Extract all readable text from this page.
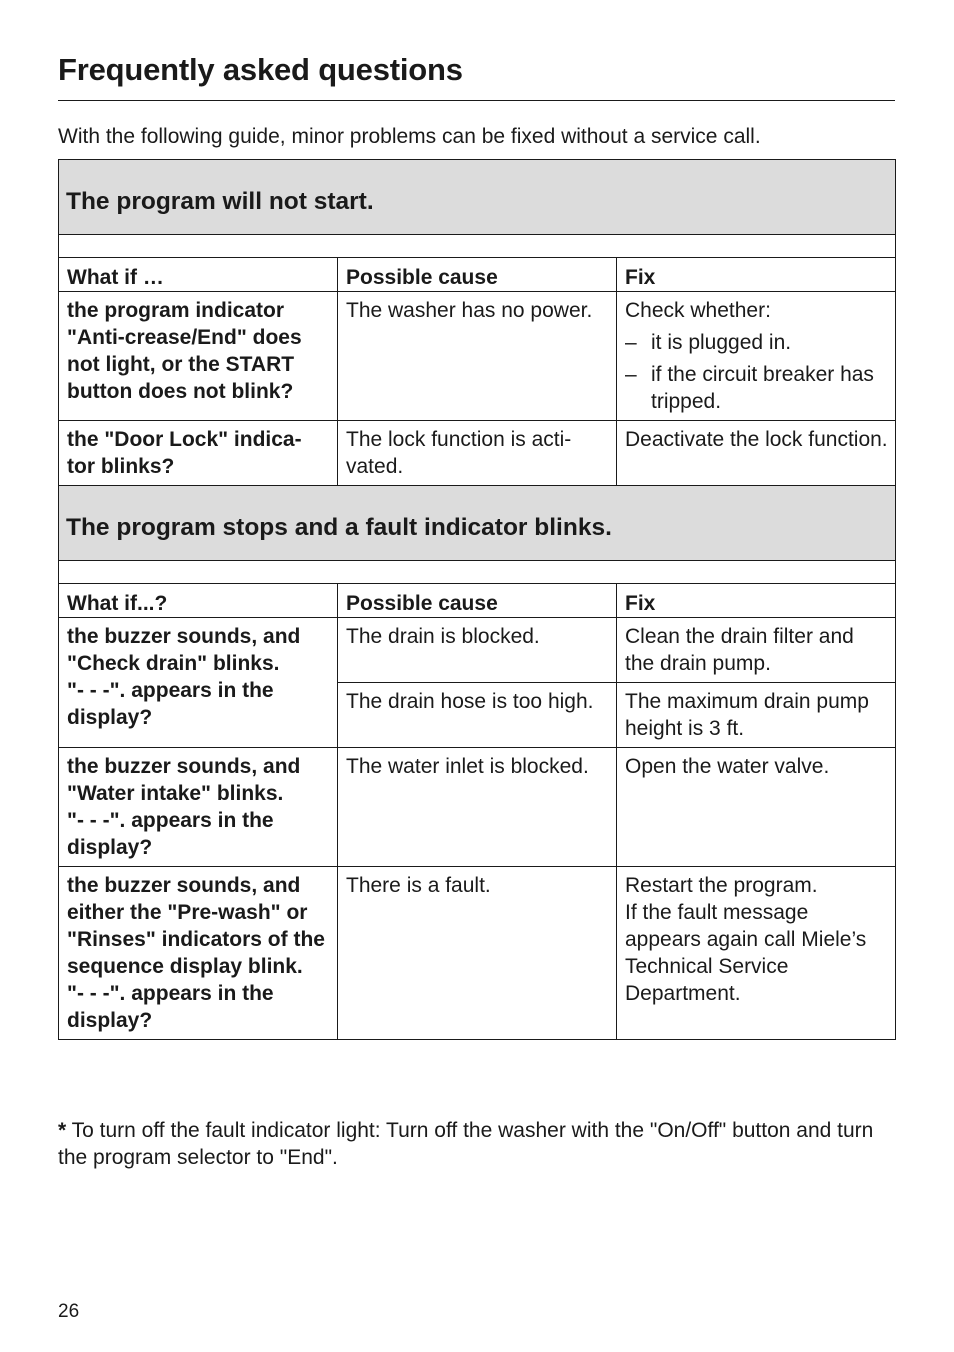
Frequently asked questions

With the following guide, minor problems can be fixed without a service call.

The program will not start.		

What if …	Possible cause	Fix
the program indicator "Anti-crease/End" does not light, or the START button does not blink?	The washer has no power.	Check whether:
– it is plugged in.
– if the circuit breaker has tripped.

the "Door Lock" indica- tor blinks?	The lock function is acti- vated.	Deactivate the lock function.
The program stops and a fault indicator blinks.		

What if...?	Possible cause	Fix

the buzzer sounds, and "Check drain" blinks.
"- - -". appears in the display?	The drain is blocked.	Clean the drain filter and the drain pump.
	The drain hose is too high.	The maximum drain pump height is 3 ft.

the buzzer sounds, and "Water intake" blinks.
"- - -". appears in the display?	The water inlet is blocked.	Open the water valve.

the buzzer sounds, and either the "Pre-wash" or "Rinses" indicators of the sequence display blink.
"- - -". appears in the display?	There is a fault.	Restart the program.
If the fault message appears again call Miele’s Technical Service Department.

* To turn off the fault indicator light: Turn off the washer with the "On/Off" button and turn the program selector to "End".

26
